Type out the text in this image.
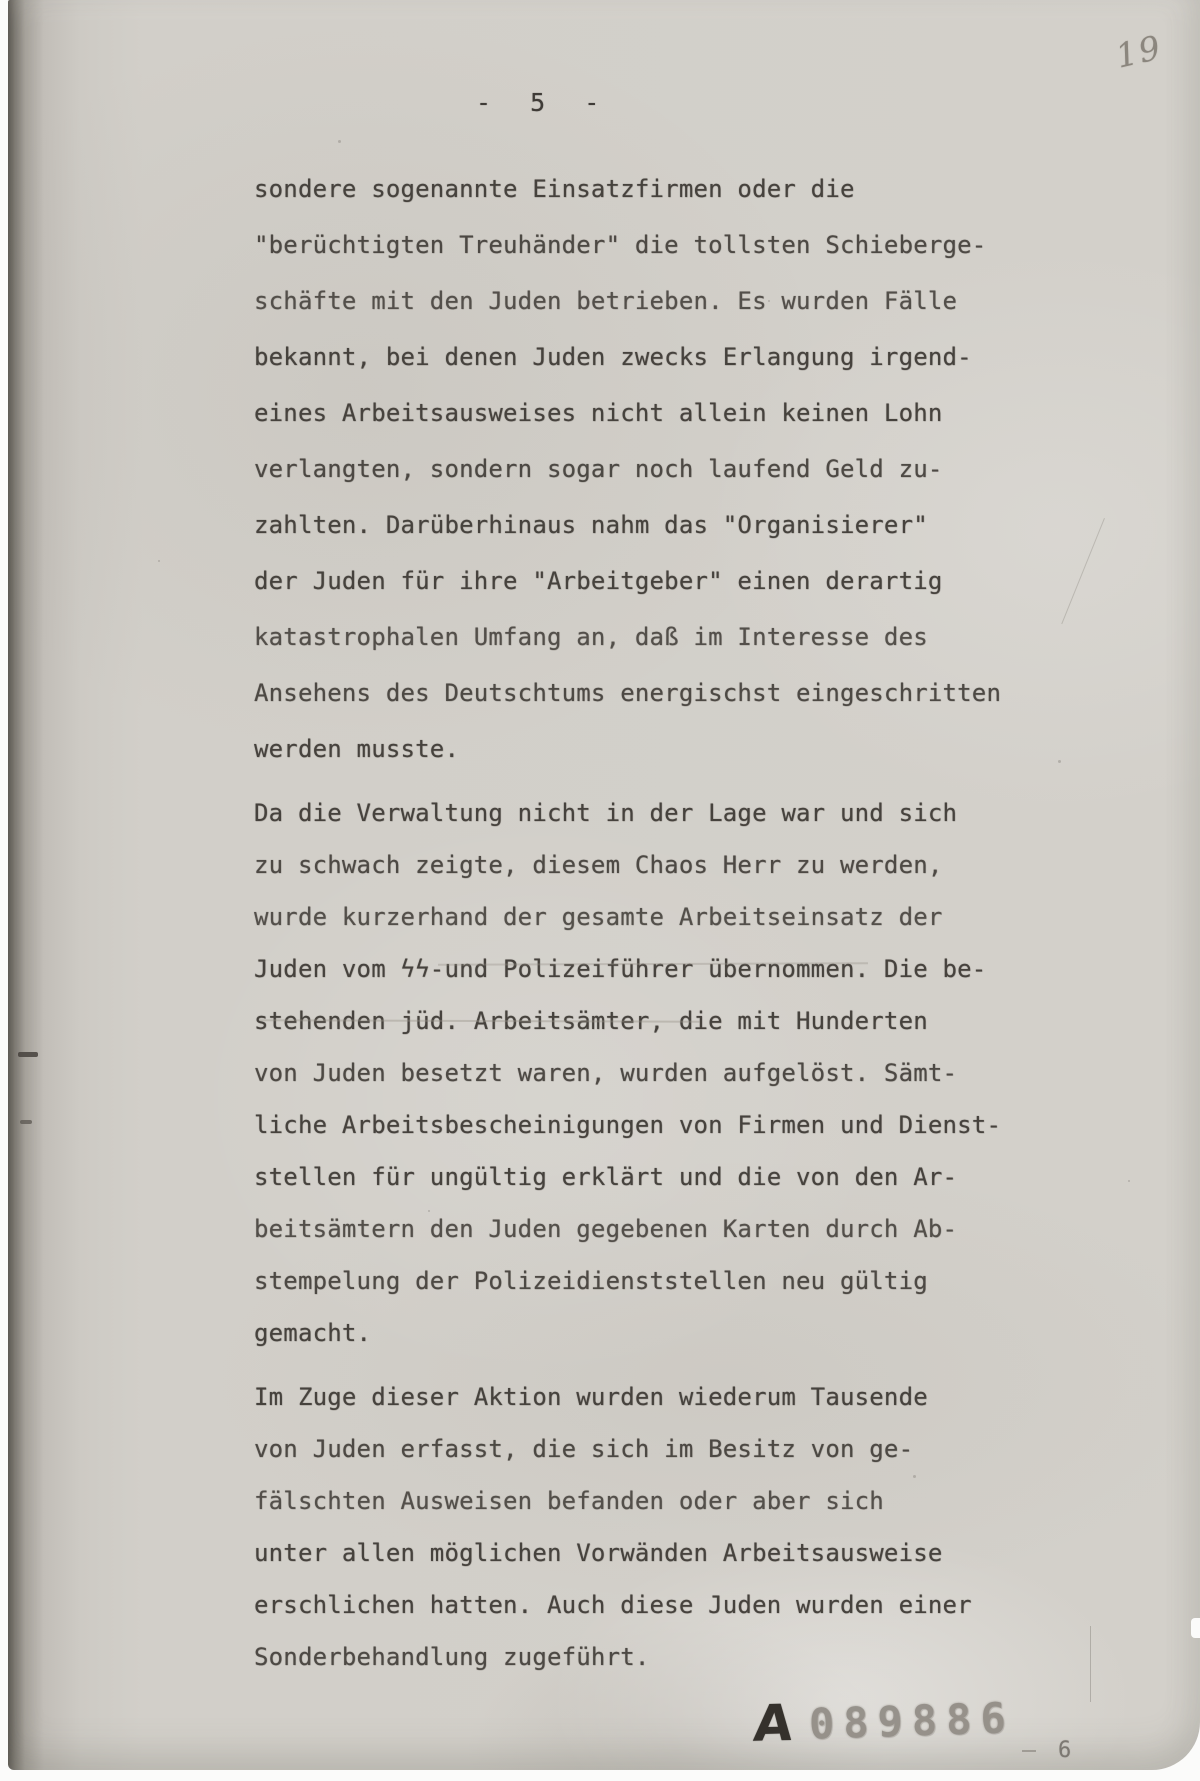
19
- 5 -
sondere sogenannte Einsatzfirmen oder die
"berüchtigten Treuhänder" die tollsten Schieberge-
schäfte mit den Juden betrieben. Es wurden Fälle
bekannt, bei denen Juden zwecks Erlangung irgend-
eines Arbeitsausweises nicht allein keinen Lohn
verlangten, sondern sogar noch laufend Geld zu-
zahlten. Darüberhinaus nahm das "Organisierer"
der Juden für ihre "Arbeitgeber" einen derartig
katastrophalen Umfang an, daß im Interesse des
Ansehens des Deutschtums energischst eingeschritten
werden musste.
Da die Verwaltung nicht in der Lage war und sich
zu schwach zeigte, diesem Chaos Herr zu werden,
wurde kurzerhand der gesamte Arbeitseinsatz der
Juden vom ϟϟ-und Polizeiführer übernommen. Die be-
stehenden jüd. Arbeitsämter, die mit Hunderten
von Juden besetzt waren, wurden aufgelöst. Sämt-
liche Arbeitsbescheinigungen von Firmen und Dienst-
stellen für ungültig erklärt und die von den Ar-
beitsämtern den Juden gegebenen Karten durch Ab-
stempelung der Polizeidienststellen neu gültig
gemacht.
Im Zuge dieser Aktion wurden wiederum Tausende
von Juden erfasst, die sich im Besitz von ge-
fälschten Ausweisen befanden oder aber sich
unter allen möglichen Vorwänden Arbeitsausweise
erschlichen hatten. Auch diese Juden wurden einer
Sonderbehandlung zugeführt.
A 089886
6
